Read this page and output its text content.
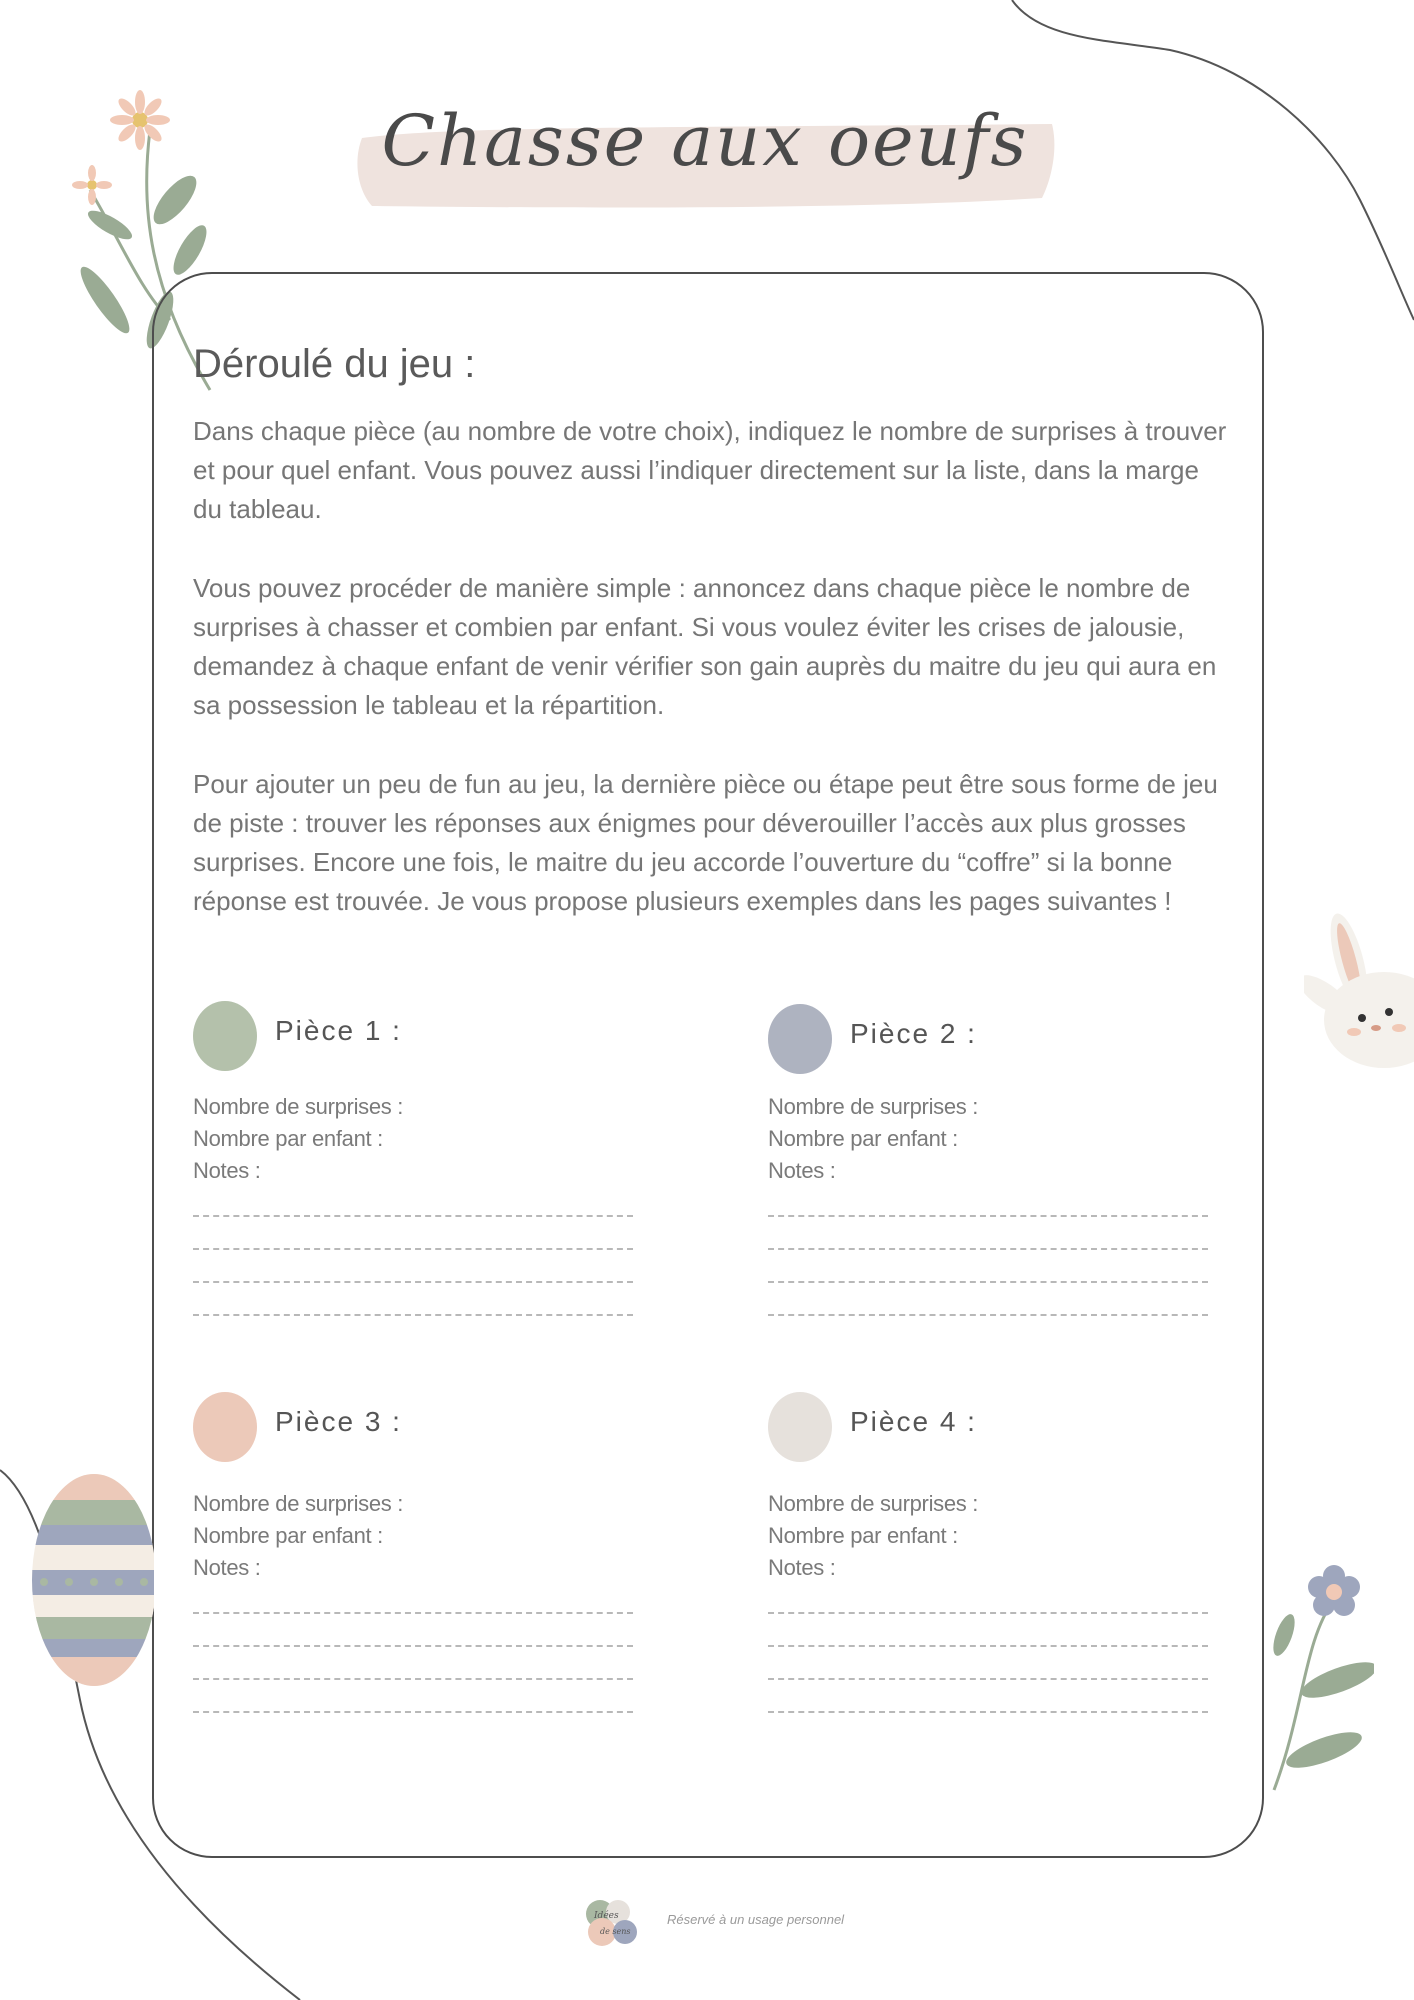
Chasse aux oeufs
Déroulé du jeu :
Dans chaque pièce (au nombre de votre choix), indiquez le nombre de surprises à trouver et pour quel enfant. Vous pouvez aussi l’indiquer directement sur la liste, dans la marge du tableau.
Vous pouvez procéder de manière simple : annoncez dans chaque pièce le nombre de surprises à chasser et combien par enfant. Si vous voulez éviter les crises de jalousie, demandez à chaque enfant de venir vérifier son gain auprès du maitre du jeu qui aura en sa possession le tableau et la répartition.
Pour ajouter un peu de fun au jeu, la dernière pièce ou étape peut être sous forme de jeu de piste : trouver les réponses aux énigmes pour déverouiller l’accès aux plus grosses surprises. Encore une fois, le maitre du jeu accorde l’ouverture du “coffre” si la bonne réponse est trouvée. Je vous propose plusieurs exemples dans les pages suivantes !
Pièce 1 :
Nombre de surprises :
Nombre par enfant :
Notes :
Pièce 2 :
Nombre de surprises :
Nombre par enfant :
Notes :
Pièce 3 :
Nombre de surprises :
Nombre par enfant :
Notes :
Pièce 4 :
Nombre de surprises :
Nombre par enfant :
Notes :
Idées
de sens
Réservé à un usage personnel
